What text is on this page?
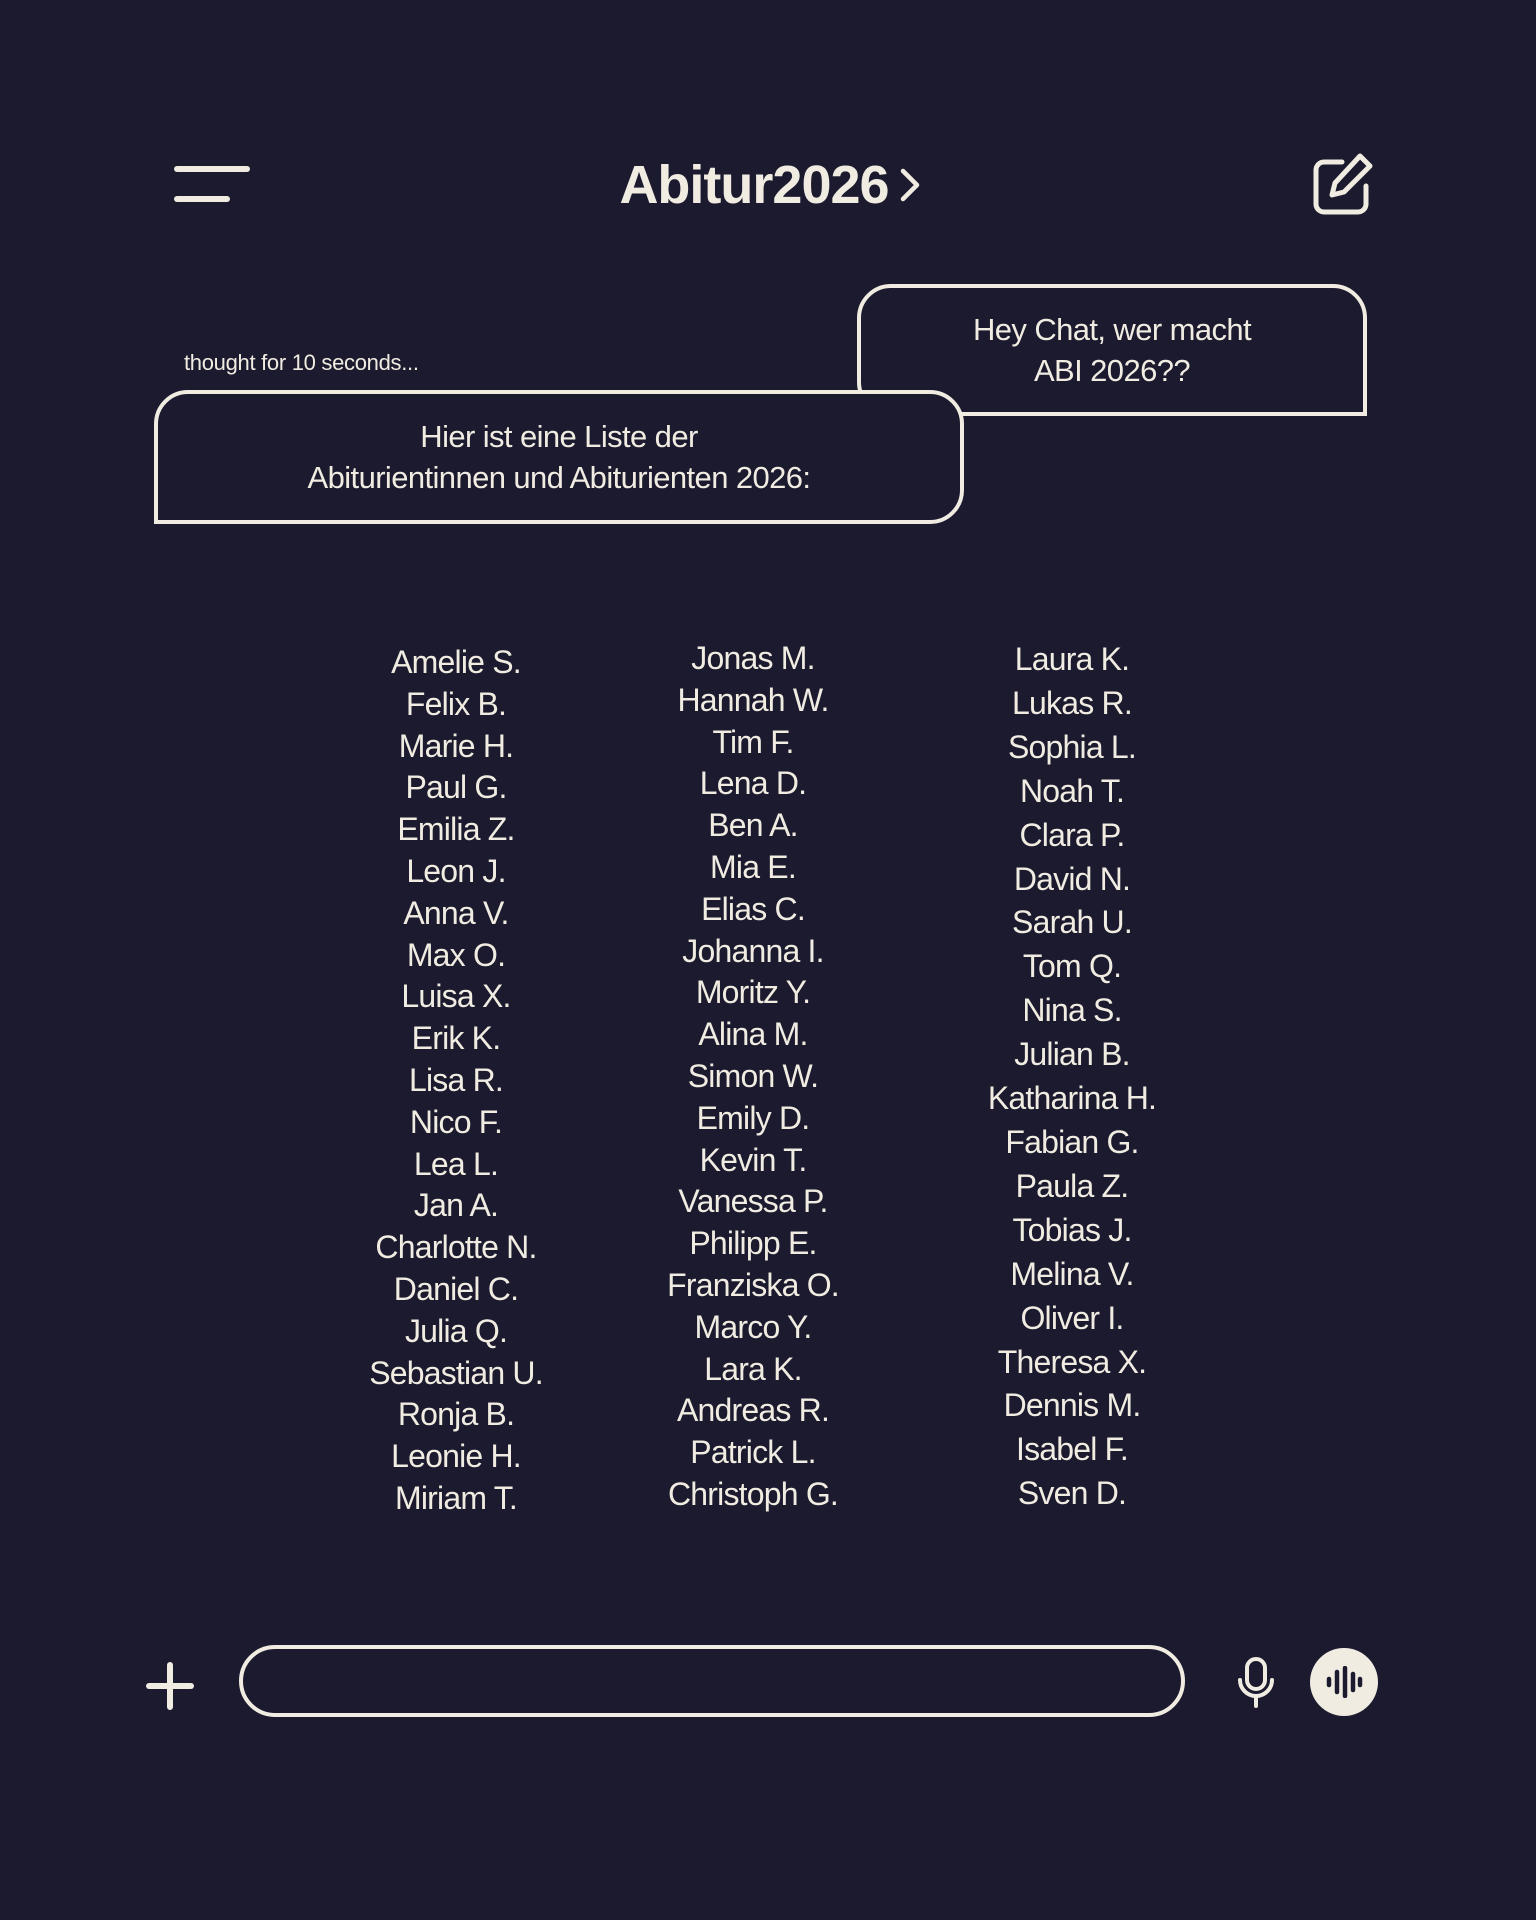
Abitur2026
Hey Chat, wer macht
ABI 2026??
thought for 10 seconds...
Hier ist eine Liste der
Abiturientinnen und Abiturienten 2026:
Amelie S.
Felix B.
Marie H.
Paul G.
Emilia Z.
Leon J.
Anna V.
Max O.
Luisa X.
Erik K.
Lisa R.
Nico F.
Lea L.
Jan A.
Charlotte N.
Daniel C.
Julia Q.
Sebastian U.
Ronja B.
Leonie H.
Miriam T.
Jonas M.
Hannah W.
Tim F.
Lena D.
Ben A.
Mia E.
Elias C.
Johanna I.
Moritz Y.
Alina M.
Simon W.
Emily D.
Kevin T.
Vanessa P.
Philipp E.
Franziska O.
Marco Y.
Lara K.
Andreas R.
Patrick L.
Christoph G.
Laura K.
Lukas R.
Sophia L.
Noah T.
Clara P.
David N.
Sarah U.
Tom Q.
Nina S.
Julian B.
Katharina H.
Fabian G.
Paula Z.
Tobias J.
Melina V.
Oliver I.
Theresa X.
Dennis M.
Isabel F.
Sven D.
